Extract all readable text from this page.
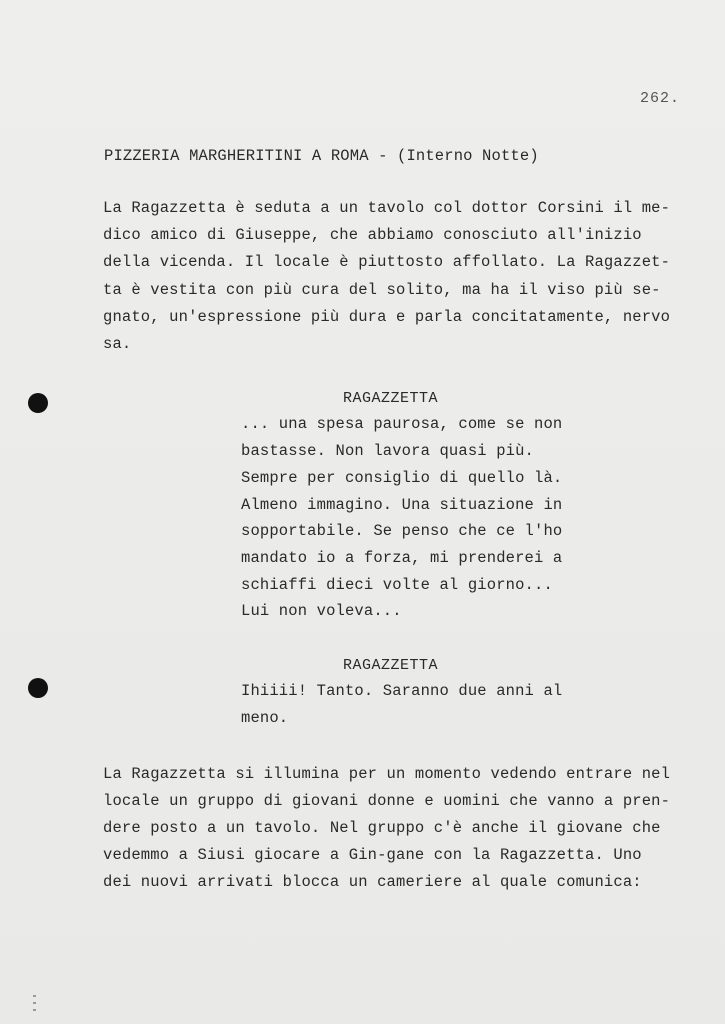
262.
PIZZERIA MARGHERITINI A ROMA - (Interno Notte)
La Ragazzetta è seduta a un tavolo col dottor Corsini il me-
dico amico di Giuseppe, che abbiamo conosciuto all'inizio
della vicenda. Il locale è piuttosto affollato. La Ragazzet-
ta è vestita con più cura del solito, ma ha il viso più se-
gnato, un'espressione più dura e parla concitatamente, nervo
sa.
RAGAZZETTA
... una spesa paurosa, come se non
bastasse. Non lavora quasi più.
Sempre per consiglio di quello là.
Almeno immagino. Una situazione in
sopportabile. Se penso che ce l'ho
mandato io a forza, mi prenderei a
schiaffi dieci volte al giorno...
Lui non voleva...
RAGAZZETTA
Ihiiii! Tanto. Saranno due anni al
meno.
La Ragazzetta si illumina per un momento vedendo entrare nel
locale un gruppo di giovani donne e uomini che vanno a pren-
dere posto a un tavolo. Nel gruppo c'è anche il giovane che
vedemmo a Siusi giocare a Gin-gane con la Ragazzetta. Uno
dei nuovi arrivati blocca un cameriere al quale comunica:
